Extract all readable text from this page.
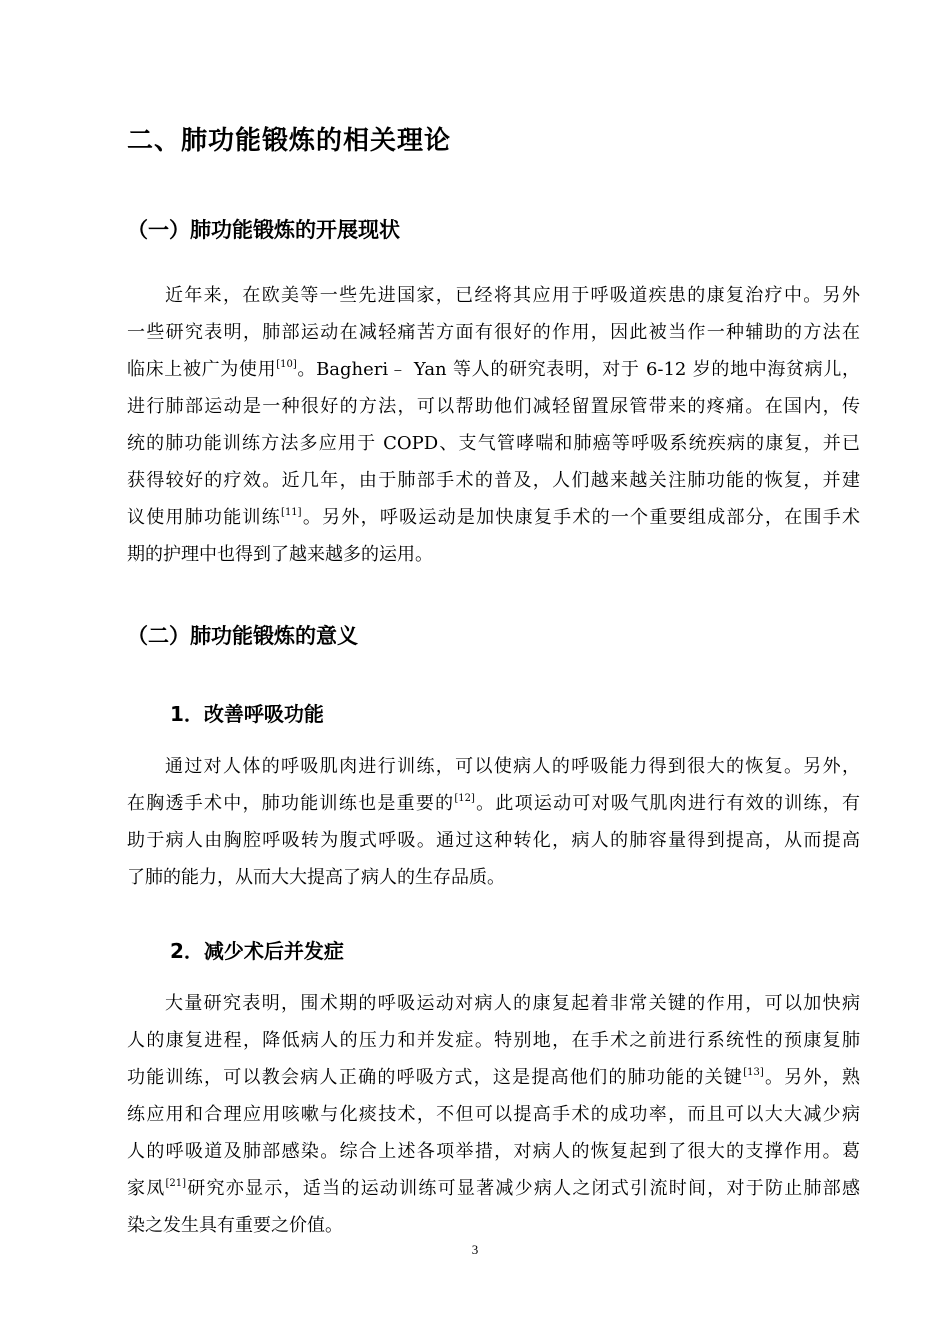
二、肺功能锻炼的相关理论
（一）肺功能锻炼的开展现状
近年来，在欧美等一些先进国家，已经将其应用于呼吸道疾患的康复治疗中。另外
一些研究表明，肺部运动在减轻痛苦方面有很好的作用，因此被当作一种辅助的方法在
临床上被广为使用[10]。Bagheri﹣ Yan 等人的研究表明，对于 6-12 岁的地中海贫病儿，
进行肺部运动是一种很好的方法，可以帮助他们减轻留置尿管带来的疼痛。在国内，传
统的肺功能训练方法多应用于 COPD、支气管哮喘和肺癌等呼吸系统疾病的康复，并已
获得较好的疗效。近几年，由于肺部手术的普及，人们越来越关注肺功能的恢复，并建
议使用肺功能训练[11]。另外，呼吸运动是加快康复手术的一个重要组成部分，在围手术
期的护理中也得到了越来越多的运用。
（二）肺功能锻炼的意义
1．改善呼吸功能
通过对人体的呼吸肌肉进行训练，可以使病人的呼吸能力得到很大的恢复。另外，
在胸透手术中，肺功能训练也是重要的[12]。此项运动可对吸气肌肉进行有效的训练，有
助于病人由胸腔呼吸转为腹式呼吸。通过这种转化，病人的肺容量得到提高，从而提高
了肺的能力，从而大大提高了病人的生存品质。
2．减少术后并发症
大量研究表明，围术期的呼吸运动对病人的康复起着非常关键的作用，可以加快病
人的康复进程，降低病人的压力和并发症。特别地，在手术之前进行系统性的预康复肺
功能训练，可以教会病人正确的呼吸方式，这是提高他们的肺功能的关键[13]。另外，熟
练应用和合理应用咳嗽与化痰技术，不但可以提高手术的成功率，而且可以大大减少病
人的呼吸道及肺部感染。综合上述各项举措，对病人的恢复起到了很大的支撑作用。葛
家凤[21]研究亦显示，适当的运动训练可显著减少病人之闭式引流时间，对于防止肺部感
染之发生具有重要之价值。
3
